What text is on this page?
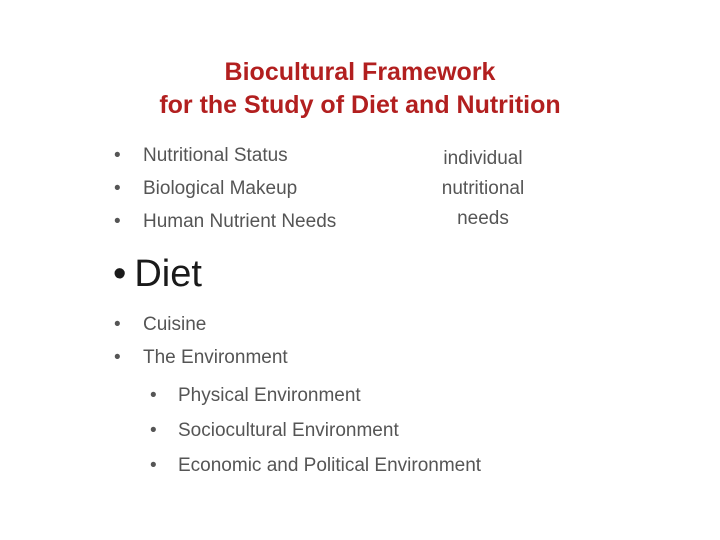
Biocultural Framework
for the Study of Diet and Nutrition
• Nutritional Status
• Biological Makeup
• Human Nutrient Needs
individual
nutritional
needs
• Diet
• Cuisine
• The Environment
• Physical Environment
• Sociocultural Environment
• Economic and Political Environment
